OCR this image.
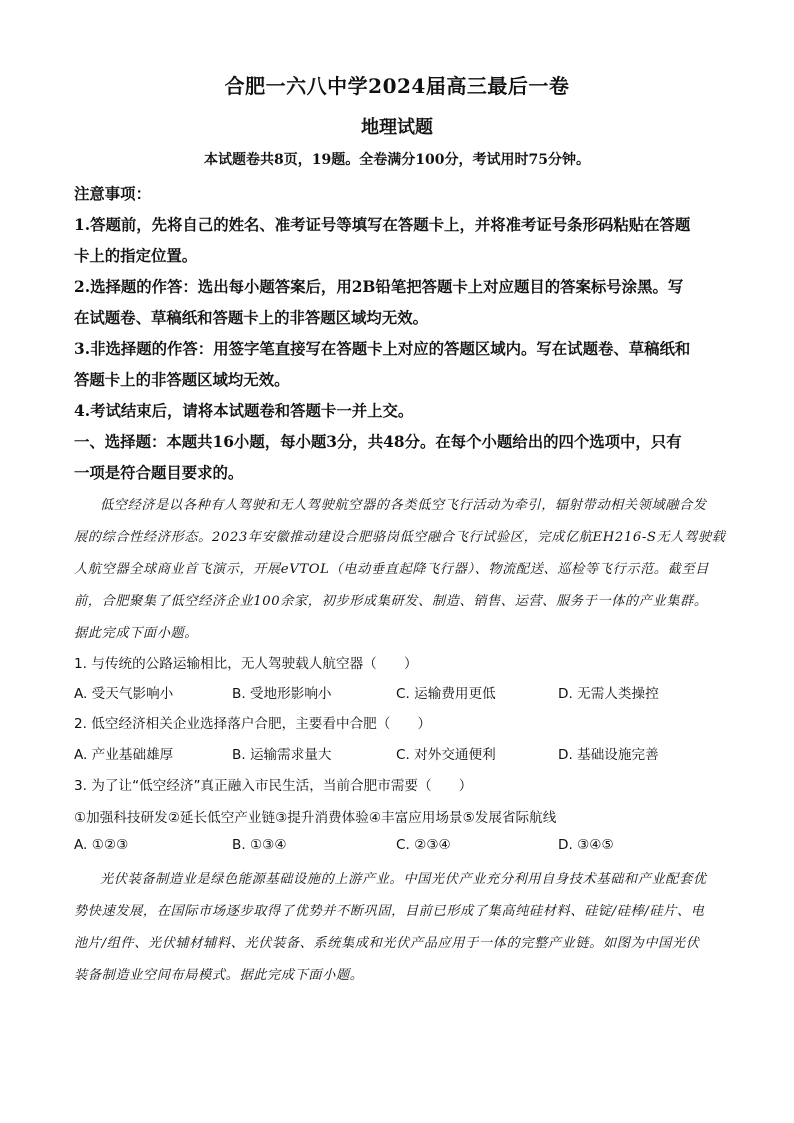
合肥一六八中学2024届高三最后一卷
地理试题
本试题卷共8页，19题。全卷满分100分，考试用时75分钟。
注意事项：
1.答题前，先将自己的姓名、准考证号等填写在答题卡上，并将准考证号条形码粘贴在答题
卡上的指定位置。
2.选择题的作答：选出每小题答案后，用2B铅笔把答题卡上对应题目的答案标号涂黑。写
在试题卷、草稿纸和答题卡上的非答题区域均无效。
3.非选择题的作答：用签字笔直接写在答题卡上对应的答题区域内。写在试题卷、草稿纸和
答题卡上的非答题区域均无效。
4.考试结束后，请将本试题卷和答题卡一并上交。
一、选择题：本题共16小题，每小题3分，共48分。在每个小题给出的四个选项中，只有
一项是符合题目要求的。
低空经济是以各种有人驾驶和无人驾驶航空器的各类低空飞行活动为牵引，辐射带动相关领域融合发
展的综合性经济形态。2023年安徽推动建设合肥骆岗低空融合飞行试验区，完成亿航EH216-S无人驾驶载
人航空器全球商业首飞演示，开展eVTOL（电动垂直起降飞行器）、物流配送、巡检等飞行示范。截至目
前，合肥聚集了低空经济企业100余家，初步形成集研发、制造、销售、运营、服务于一体的产业集群。
据此完成下面小题。
1. 与传统的公路运输相比，无人驾驶载人航空器（　　）
A. 受天气影响小	B. 受地形影响小	C. 运输费用更低	D. 无需人类操控
2. 低空经济相关企业选择落户合肥，主要看中合肥（　　）
A. 产业基础雄厚	B. 运输需求量大	C. 对外交通便利	D. 基础设施完善
3. 为了让“低空经济”真正融入市民生活，当前合肥市需要（　　）
①加强科技研发②延长低空产业链③提升消费体验④丰富应用场景⑤发展省际航线
A. ①②③	B. ①③④	C. ②③④	D. ③④⑤
光伏装备制造业是绿色能源基础设施的上游产业。中国光伏产业充分利用自身技术基础和产业配套优
势快速发展，在国际市场逐步取得了优势并不断巩固，目前已形成了集高纯硅材料、硅锭/硅棒/硅片、电
池片/组件、光伏辅材辅料、光伏装备、系统集成和光伏产品应用于一体的完整产业链。如图为中国光伏
装备制造业空间布局模式。据此完成下面小题。
